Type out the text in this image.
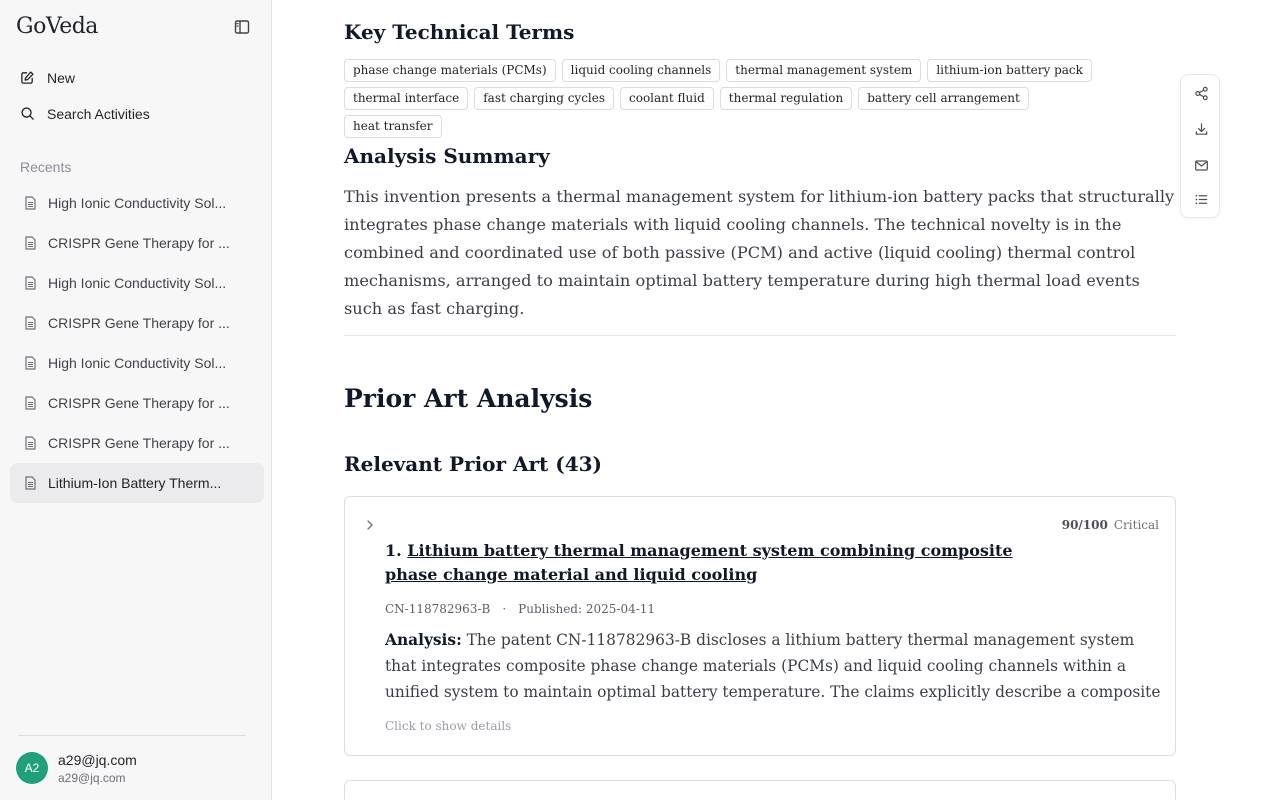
GoVeda
New
Search Activities
Recents
High Ionic Conductivity Sol...
CRISPR Gene Therapy for ...
High Ionic Conductivity Sol...
CRISPR Gene Therapy for ...
High Ionic Conductivity Sol...
CRISPR Gene Therapy for ...
CRISPR Gene Therapy for ...
Lithium-Ion Battery Therm...
A2	a29@jq.com
a29@jq.com
Key Technical Terms
phase change materials (PCMs)	liquid cooling channels	thermal management system	lithium-ion battery pack
thermal interface	fast charging cycles	coolant fluid	thermal regulation	battery cell arrangement
heat transfer
Analysis Summary

This invention presents a thermal management system for lithium-ion battery packs that structurally integrates phase change materials with liquid cooling channels. The technical novelty is in the combined and coordinated use of both passive (PCM) and active (liquid cooling) thermal control mechanisms, arranged to maintain optimal battery temperature during high thermal load events such as fast charging.

Prior Art Analysis
Relevant Prior Art (43)
90/100 Critical
1. Lithium battery thermal management system combining composite phase change material and liquid cooling
CN-118782963-B · Published: 2025-04-11
Analysis: The patent CN-118782963-B discloses a lithium battery thermal management system that integrates composite phase change materials (PCMs) and liquid cooling channels within a unified system to maintain optimal battery temperature. The claims explicitly describe a composite
Click to show details
